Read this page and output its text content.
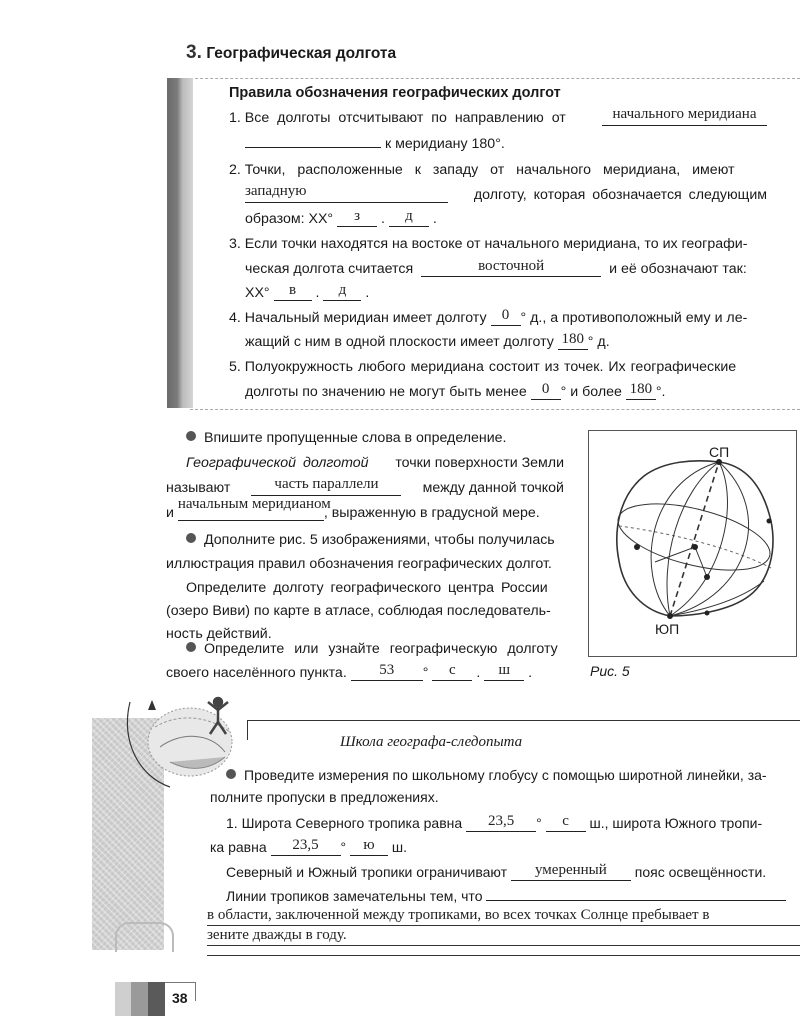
3. Географическая долгота
Правила обозначения географических долгот
1. Все долготы отсчитывают по направлению от	начального меридиана
к меридиану 180°.
2. Точки, расположенные к западу от начального меридиана, имеют
западную	долготу, которая обозначается следующим
образом: XX° з . д .
3. Если точки находятся на востоке от начального меридиана, то их географи-
ческая долгота считается	восточной	и её обозначают так:
XX° в . д .
4. Начальный меридиан имеет долготу 0 ° д., а противоположный ему и ле-
жащий с ним в одной плоскости имеет долготу 180 ° д.
5. Полуокружность любого меридиана состоит из точек. Их географические
долготы по значению не могут быть менее 0 ° и более 180 °.
Впишите пропущенные слова в определение.
Географической долготой точки поверхности Земли
называют	часть параллели	между данной точкой
и начальным меридианом, выраженную в градусной мере.
Дополните рис. 5 изображениями, чтобы получилась
иллюстрация правил обозначения географических долгот.
Определите долготу географического центра России
(озеро Виви) по карте в атласе, соблюдая последователь-
ность действий.
Определите или узнайте географическую долготу
своего населённого пункта. 53 ° с . ш .
СП
ЮП
Рис. 5
Школа географа-следопыта
Проведите измерения по школьному глобусу с помощью широтной линейки, за-
полните пропуски в предложениях.
1. Широта Северного тропика равна 23,5 ° с ш., широта Южного тропи-
ка равна 23,5 ° ю ш.
Северный и Южный тропики ограничивают умеренный пояс освещённости.
Линии тропиков замечательны тем, что
в области, заключенной между тропиками, во всех точках Солнце пребывает в
зените дважды в году.
38
